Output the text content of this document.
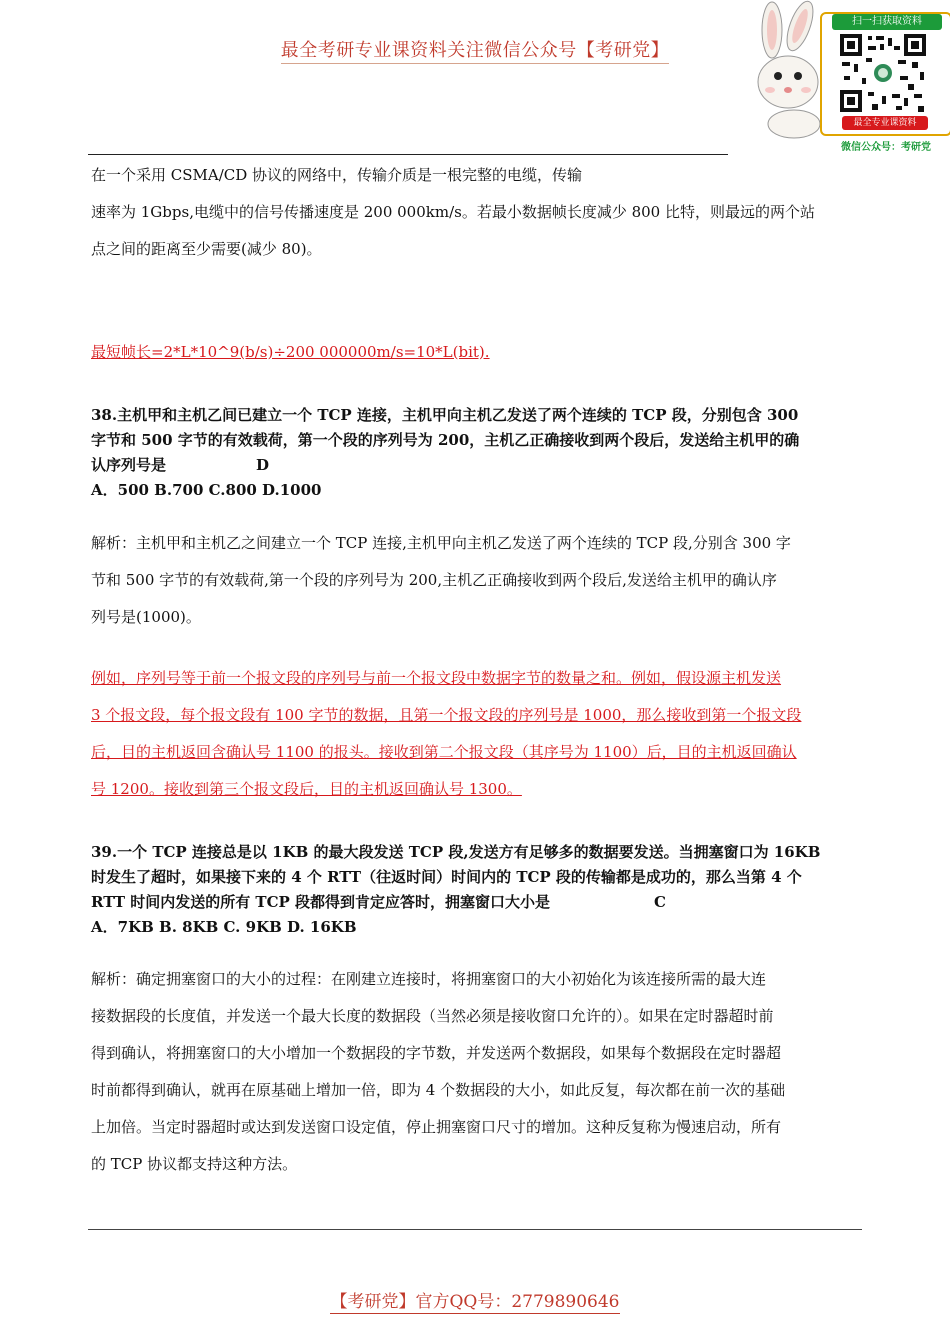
最全考研专业课资料关注微信公众号【考研党】
扫一扫获取资料
最全专业课资料
微信公众号：考研党

在一个采用 CSMA/CD 协议的网络中，传输介质是一根完整的电缆，传输

速率为 1Gbps,电缆中的信号传播速度是 200 000km/s。若最小数据帧长度减少 800 比特，则最远的两个站

点之间的距离至少需要(减少 80)。

最短帧长=2*L*10^9(b/s)÷200 000000m/s=10*L(bit).

38.主机甲和主机乙间已建立一个 TCP 连接，主机甲向主机乙发送了两个连续的 TCP 段，分别包含 300

字节和 500 字节的有效载荷，第一个段的序列号为 200，主机乙正确接收到两个段后，发送给主机甲的确

认序列号是	D

A．500 B.700 C.800 D.1000

解析：主机甲和主机乙之间建立一个 TCP 连接,主机甲向主机乙发送了两个连续的 TCP 段,分别含 300 字

节和 500 字节的有效载荷,第一个段的序列号为 200,主机乙正确接收到两个段后,发送给主机甲的确认序

列号是(1000)。

例如，序列号等于前一个报文段的序列号与前一个报文段中数据字节的数量之和。例如，假设源主机发送

3 个报文段，每个报文段有 100 字节的数据，且第一个报文段的序列号是 1000，那么接收到第一个报文段

后，目的主机返回含确认号 1100 的报头。接收到第二个报文段（其序号为 1100）后，目的主机返回确认

号 1200。接收到第三个报文段后，目的主机返回确认号 1300。

39.一个 TCP 连接总是以 1KB 的最大段发送 TCP 段,发送方有足够多的数据要发送。当拥塞窗口为 16KB

时发生了超时，如果接下来的 4 个 RTT（往返时间）时间内的 TCP 段的传输都是成功的，那么当第 4 个

RTT 时间内发送的所有 TCP 段都得到肯定应答时，拥塞窗口大小是	C

A．7KB B. 8KB C. 9KB D. 16KB

解析：确定拥塞窗口的大小的过程：在刚建立连接时，将拥塞窗口的大小初始化为该连接所需的最大连

接数据段的长度值，并发送一个最大长度的数据段（当然必须是接收窗口允许的）。如果在定时器超时前

得到确认，将拥塞窗口的大小增加一个数据段的字节数，并发送两个数据段，如果每个数据段在定时器超

时前都得到确认，就再在原基础上增加一倍，即为 4 个数据段的大小，如此反复，每次都在前一次的基础

上加倍。当定时器超时或达到发送窗口设定值，停止拥塞窗口尺寸的增加。这种反复称为慢速启动，所有

的 TCP 协议都支持这种方法。

【考研党】官方QQ号：2779890646
